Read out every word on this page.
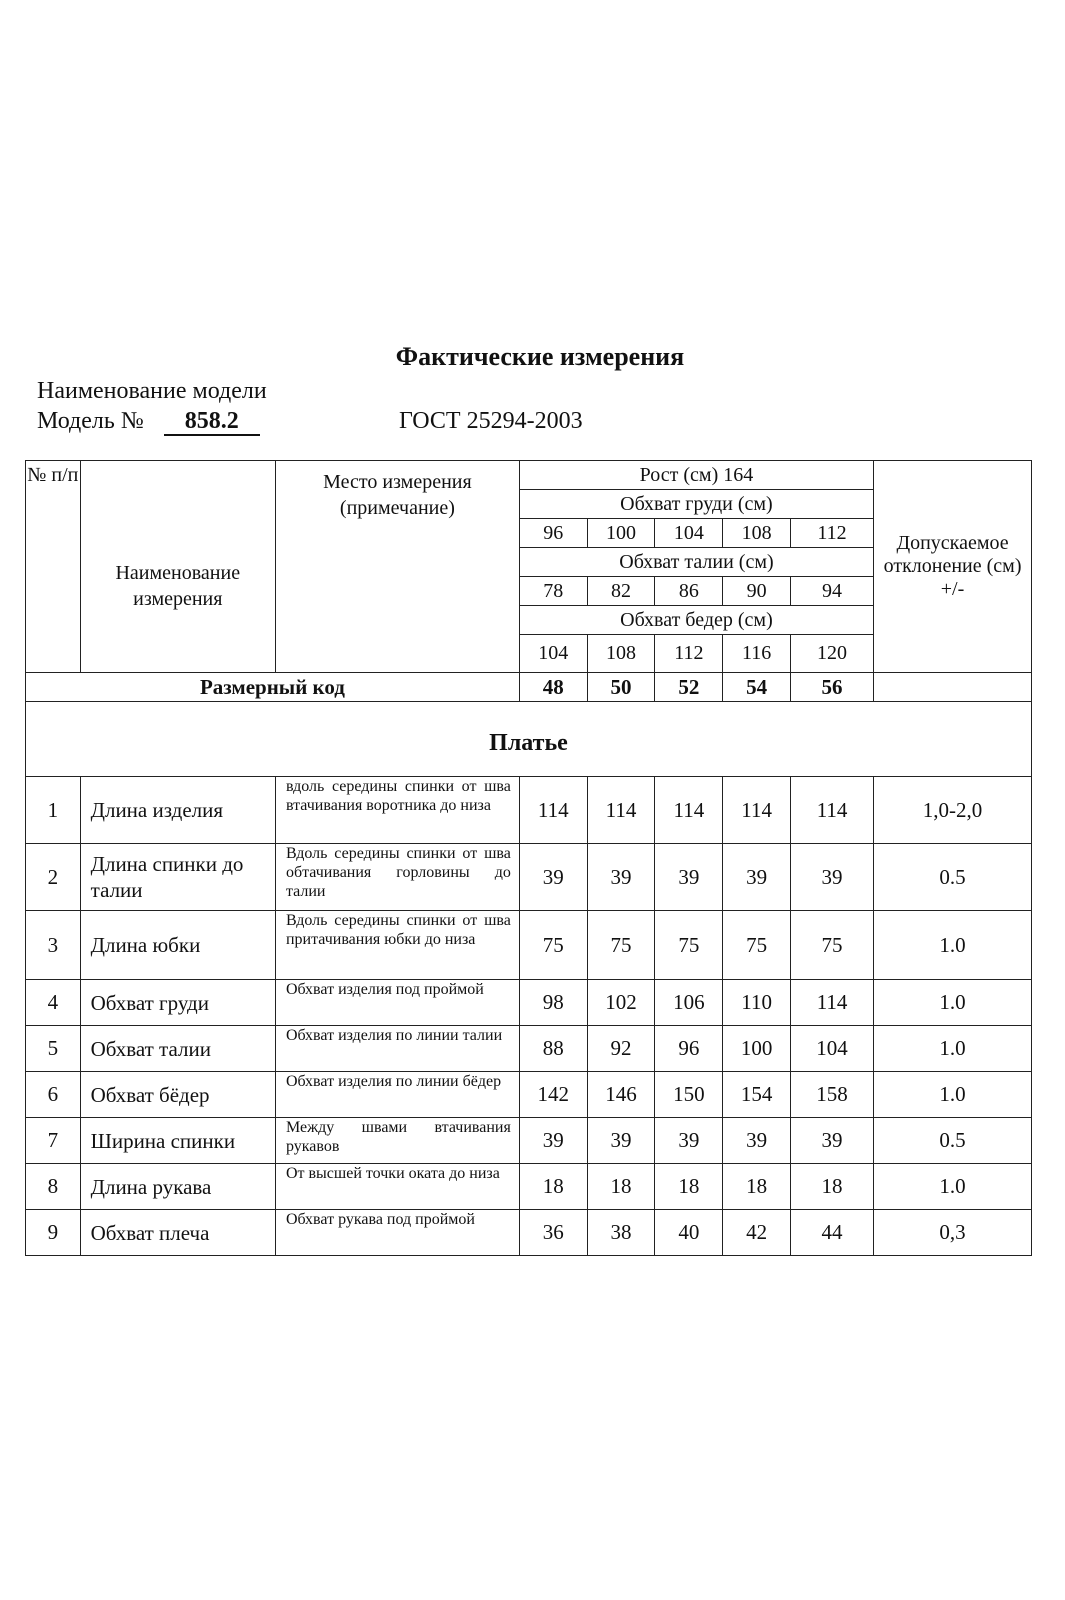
Фактические измерения
Наименование модели
Модель № 858.2	ГОСТ 25294-2003
№ п/п	Наименование измерения	Место измерения (примечание)	Рост (см) 164					Допускаемое отклонение (см) +/-
			Обхват груди (см)					
			96	100	104	108	112	
			Обхват талии (см)					
			78	82	86	90	94	
			Обхват бедер (см)					
			104	108	112	116	120	
Размерный код			48	50	52	54	56	
Платье								
1	Длина изделия	вдоль середины спинки от шва втачивания воротника до низа	114	114	114	114	114	1,0-2,0
2	Длина спинки до талии	Вдоль середины спинки от шва обтачивания горловины до талии	39	39	39	39	39	0.5
3	Длина юбки	Вдоль середины спинки от шва притачивания юбки до низа	75	75	75	75	75	1.0
4	Обхват груди	Обхват изделия под проймой	98	102	106	110	114	1.0
5	Обхват талии	Обхват изделия по линии талии	88	92	96	100	104	1.0
6	Обхват бёдер	Обхват изделия по линии бёдер	142	146	150	154	158	1.0
7	Ширина спинки	Между швами втачивания рукавов	39	39	39	39	39	0.5
8	Длина рукава	От высшей точки оката до низа	18	18	18	18	18	1.0
9	Обхват плеча	Обхват рукава под проймой	36	38	40	42	44	0,3
